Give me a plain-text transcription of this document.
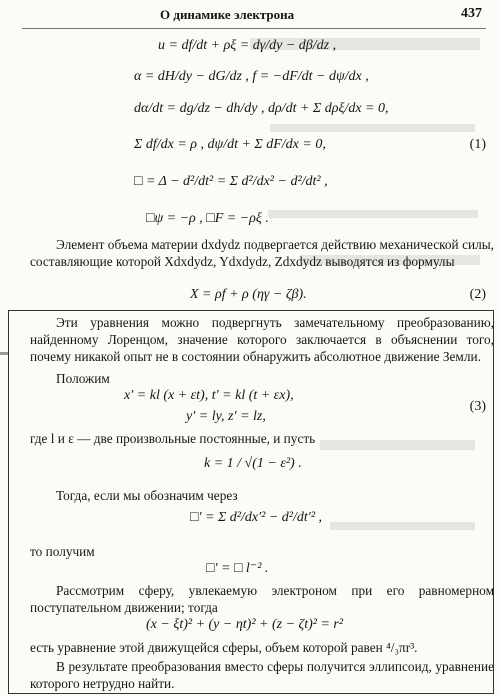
О динамике электрона	437
u = df/dt + ρξ = dγ/dy − dβ/dz ,
α = dH/dy − dG/dz , f = −dF/dt − dψ/dx ,
dα/dt = dg/dz − dh/dy , dρ/dt + Σ dρξ/dx = 0,
Σ df/dx = ρ , dψ/dt + Σ dF/dx = 0,	(1)
□ = Δ − d²/dt² = Σ d²/dx² − d²/dt² ,
□ψ = −ρ , □F = −ρξ .
Элемент объема материи dxdydz подвергается действию механической силы, составляющие которой Xdxdydz, Ydxdydz, Zdxdydz выводятся из формулы
X = ρf + ρ (ηγ − ζβ).	(2)
Эти уравнения можно подвергнуть замечательному преобразованию, найденному Лоренцом, значение которого заключается в объяснении того, почему никакой опыт не в состоянии обнаружить абсолютное движение Земли.
Положим
x′ = kl (x + εt), t′ = kl (t + εx),
y′ = ly, z′ = lz,
(3)
где l и ε — две произвольные постоянные, и пусть
k = 1 / √(1 − ε²) .
Тогда, если мы обозначим через
□′ = Σ d²/dx′² − d²/dt′² ,
то получим
□′ = □ l⁻² .
Рассмотрим сферу, увлекаемую электроном при его равномерном поступательном движении; тогда
(x − ξt)² + (y − ηt)² + (z − ζt)² = r²
есть уравнение этой движущейся сферы, объем которой равен ⁴/₃πr³.
В результате преобразования вместо сферы получится эллипсоид, уравнение которого нетрудно найти.
